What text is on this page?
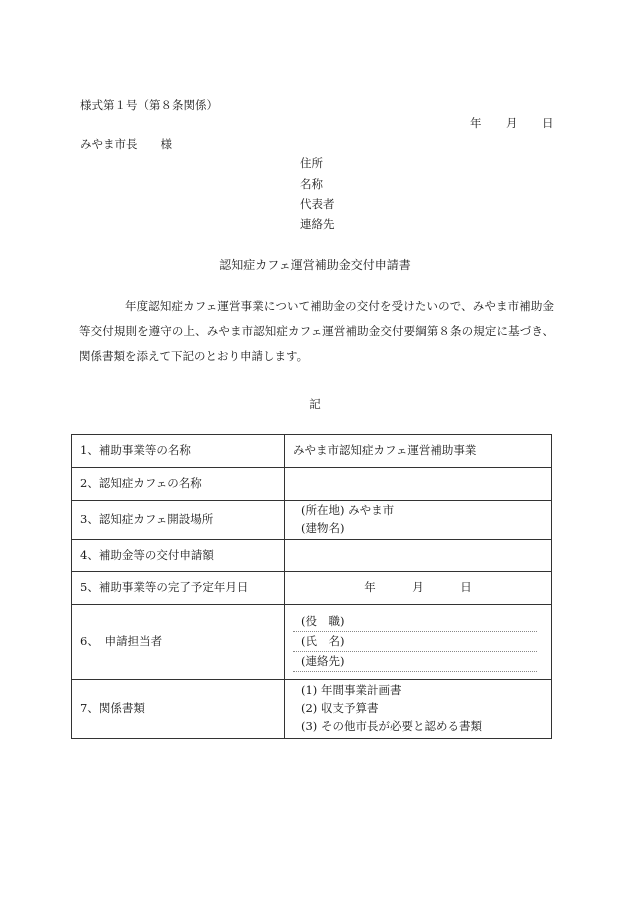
様式第１号（第８条関係）
年 月 日
みやま市長　　様
住所
名称
代表者
連絡先
認知症カフェ運営補助金交付申請書
年度認知症カフェ運営事業について補助金の交付を受けたいので、みやま市補助金等交付規則を遵守の上、みやま市認知症カフェ運営補助金交付要綱第８条の規定に基づき、関係書類を添えて下記のとおり申請します。
記
1、補助事業等の名称	みやま市認知症カフェ運営補助事業
2、認知症カフェの名称	
3、認知症カフェ開設場所	(所在地) みやま市
(建物名)

4、補助金等の交付申請額	
5、補助事業等の完了予定年月日	年 月 日

6、　申請担当者	(役　職)
(氏　名)
(連絡先)

7、関係書類	(1) 年間事業計画書
(2) 収支予算書
(3) その他市長が必要と認める書類
